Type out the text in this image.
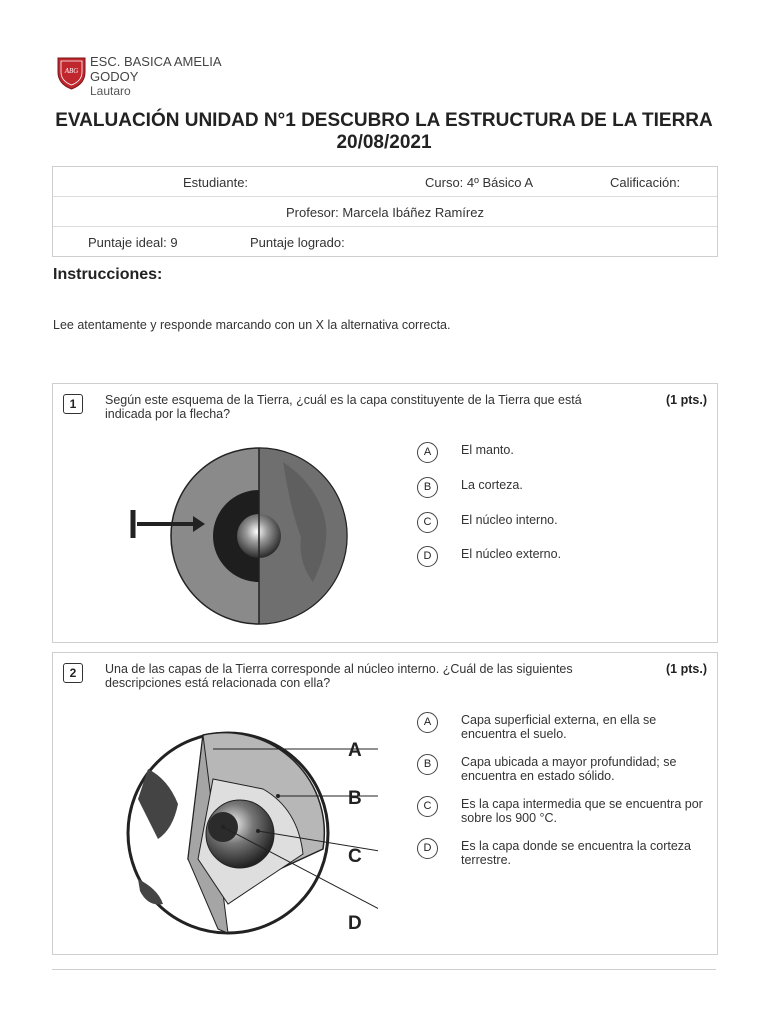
ABG
ESC. BASICA AMELIA
GODOY
Lautaro
EVALUACIÓN UNIDAD N°1 DESCUBRO LA ESTRUCTURA DE LA TIERRA
20/08/2021
Estudiante:	Curso: 4º Básico A	Calificación:
Profesor: Marcela Ibáñez Ramírez
Puntaje ideal: 9	Puntaje logrado:
Instrucciones:
Lee atentamente y responde marcando con un X la alternativa correcta.
1	Según este esquema de la Tierra, ¿cuál es la capa constituyente de la Tierra que está indicada por la flecha?
(1 pts.)
A	El manto.
B	La corteza.
C	El núcleo interno.
D	El núcleo externo.
2	Una de las capas de la Tierra corresponde al núcleo interno. ¿Cuál de las siguientes descripciones está relacionada con ella?
(1 pts.)
A
B
C
D
A	Capa superficial externa, en ella se encuentra el suelo.
B	Capa ubicada a mayor profundidad; se encuentra en estado sólido.
C	Es la capa intermedia que se encuentra por sobre los 900 °C.
D	Es la capa donde se encuentra la corteza terrestre.
